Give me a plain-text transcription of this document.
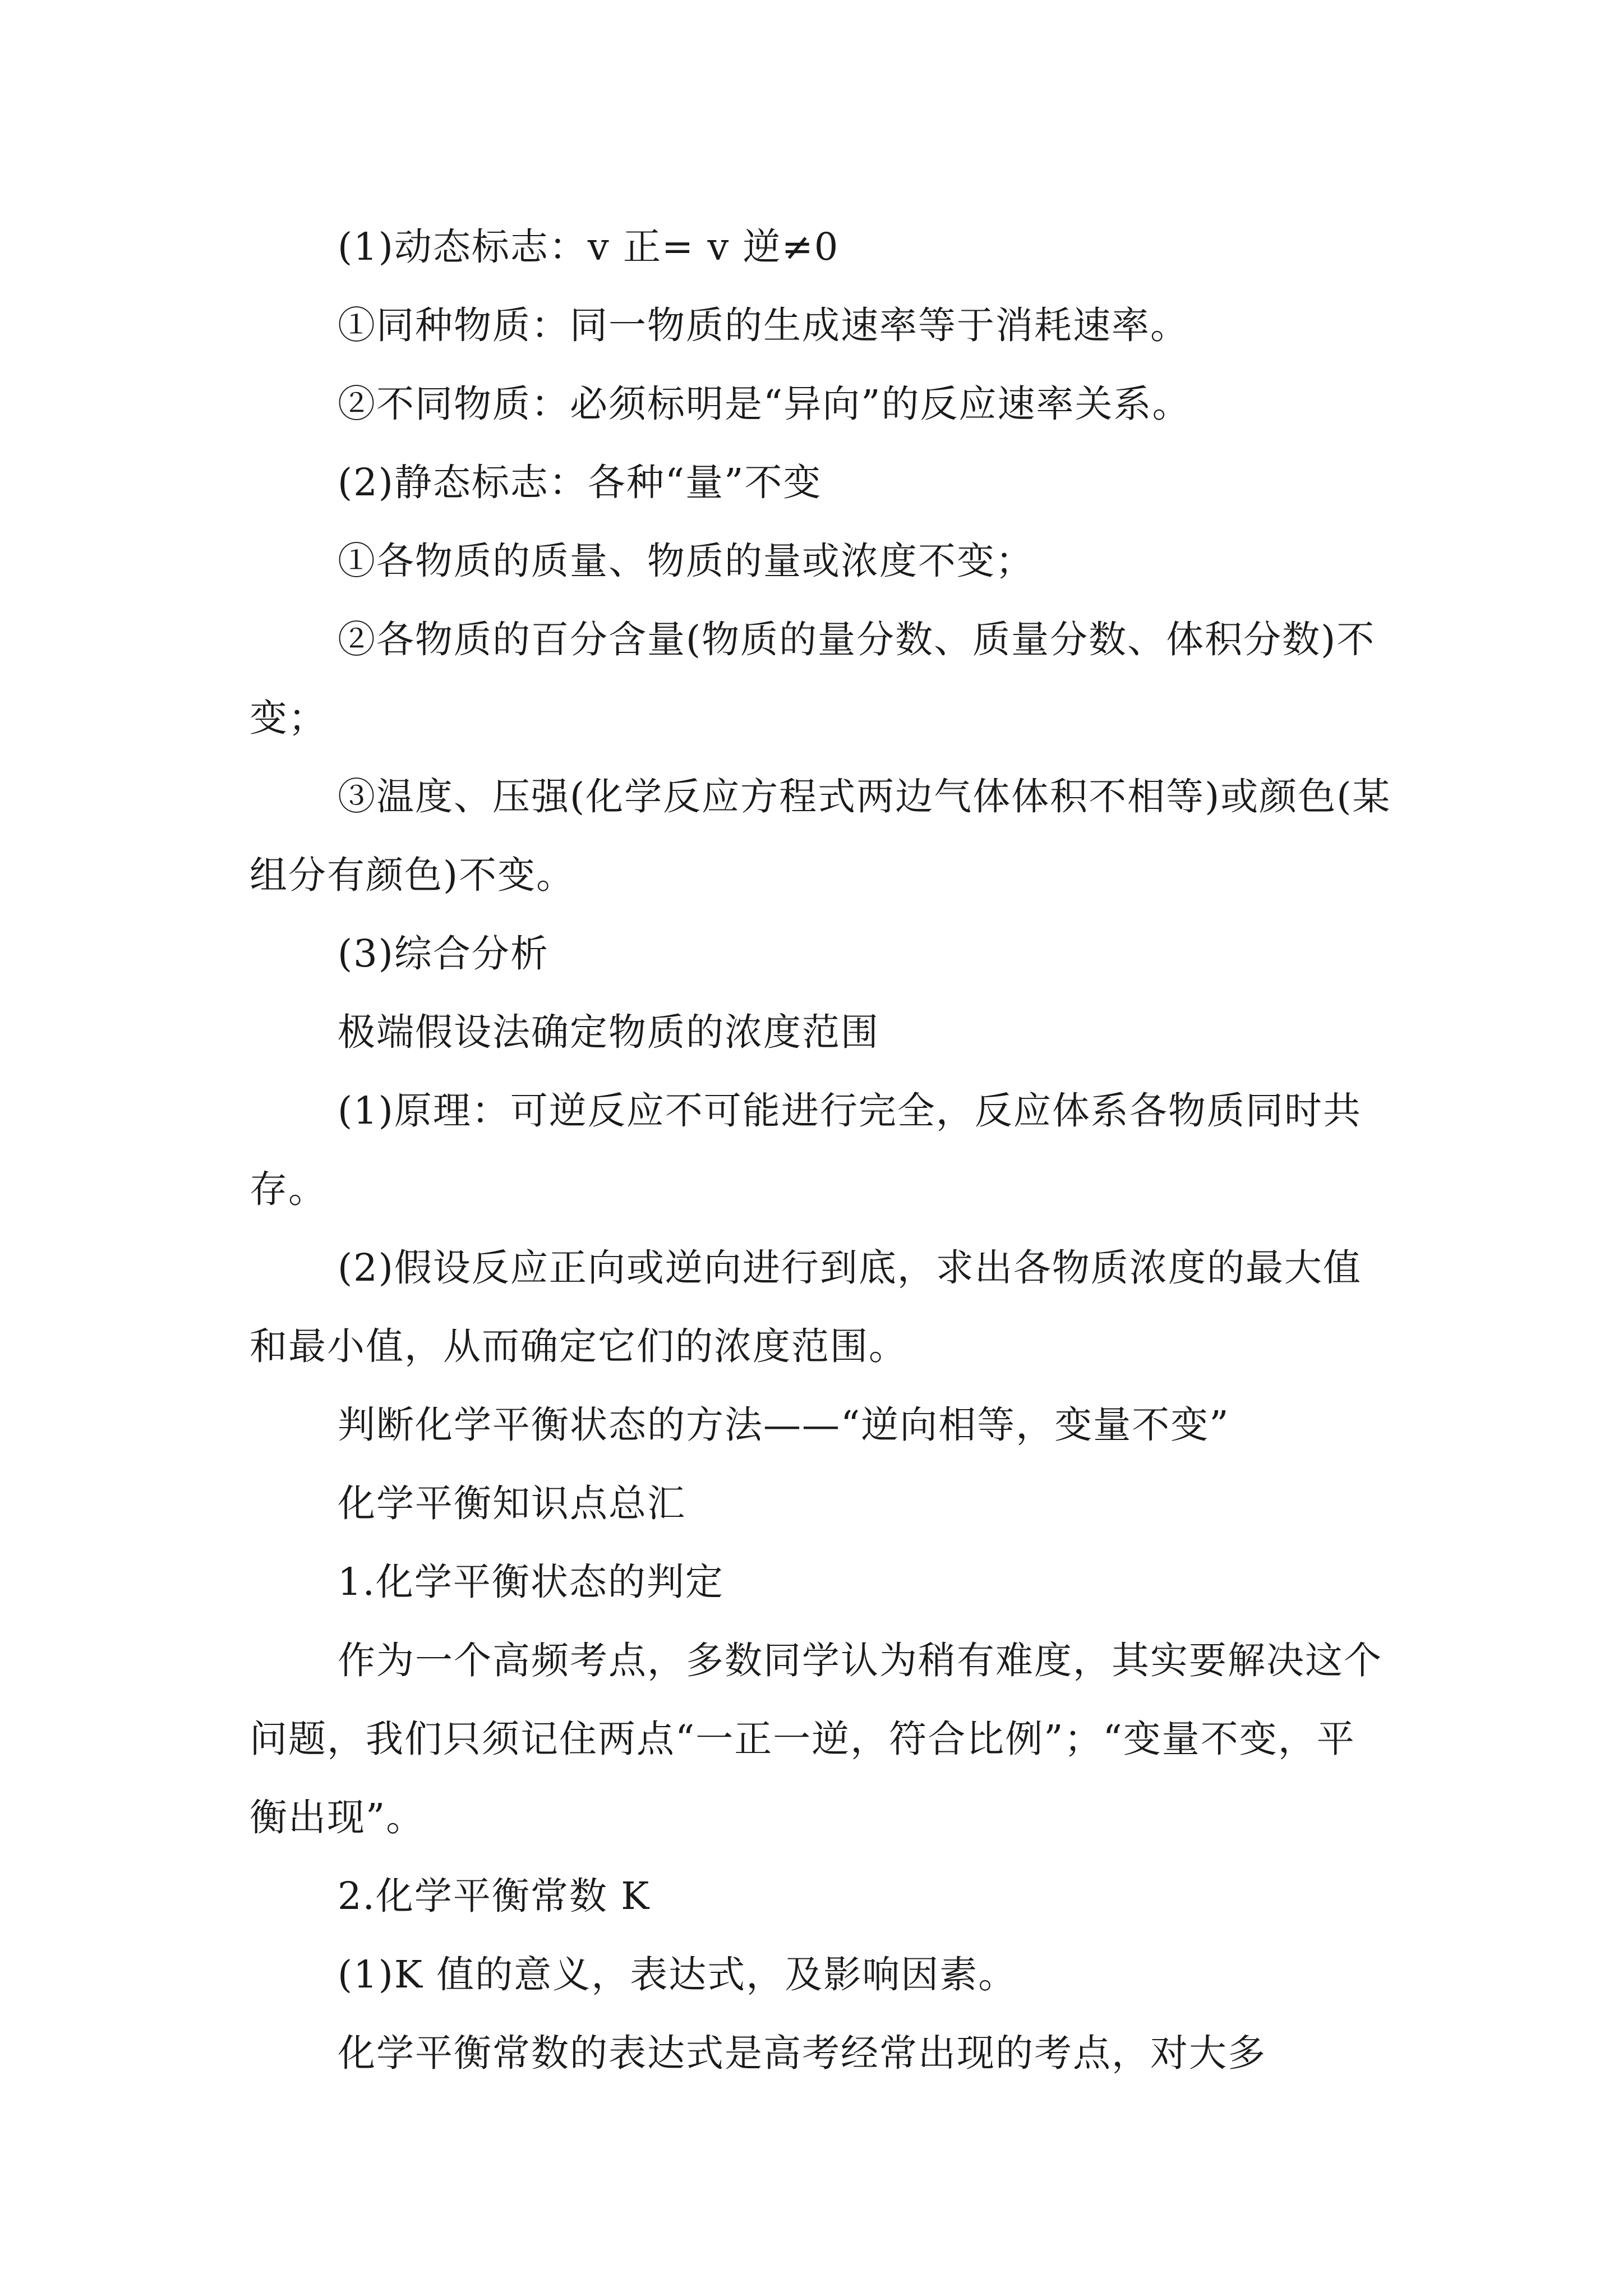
(1)动态标志：v 正= v 逆≠0

①同种物质：同一物质的生成速率等于消耗速率。

②不同物质：必须标明是“异向”的反应速率关系。

(2)静态标志：各种“量”不变

①各物质的质量、物质的量或浓度不变；

②各物质的百分含量(物质的量分数、质量分数、体积分数)不变；

③温度、压强(化学反应方程式两边气体体积不相等)或颜色(某组分有颜色)不变。

(3)综合分析

极端假设法确定物质的浓度范围

(1)原理：可逆反应不可能进行完全，反应体系各物质同时共存。

(2)假设反应正向或逆向进行到底，求出各物质浓度的最大值和最小值，从而确定它们的浓度范围。

判断化学平衡状态的方法——“逆向相等，变量不变”

化学平衡知识点总汇

1.化学平衡状态的判定

作为一个高频考点，多数同学认为稍有难度，其实要解决这个问题，我们只须记住两点“一正一逆，符合比例”；“变量不变，平衡出现”。

2.化学平衡常数 K

(1)K 值的意义，表达式，及影响因素。

化学平衡常数的表达式是高考经常出现的考点，对大多
